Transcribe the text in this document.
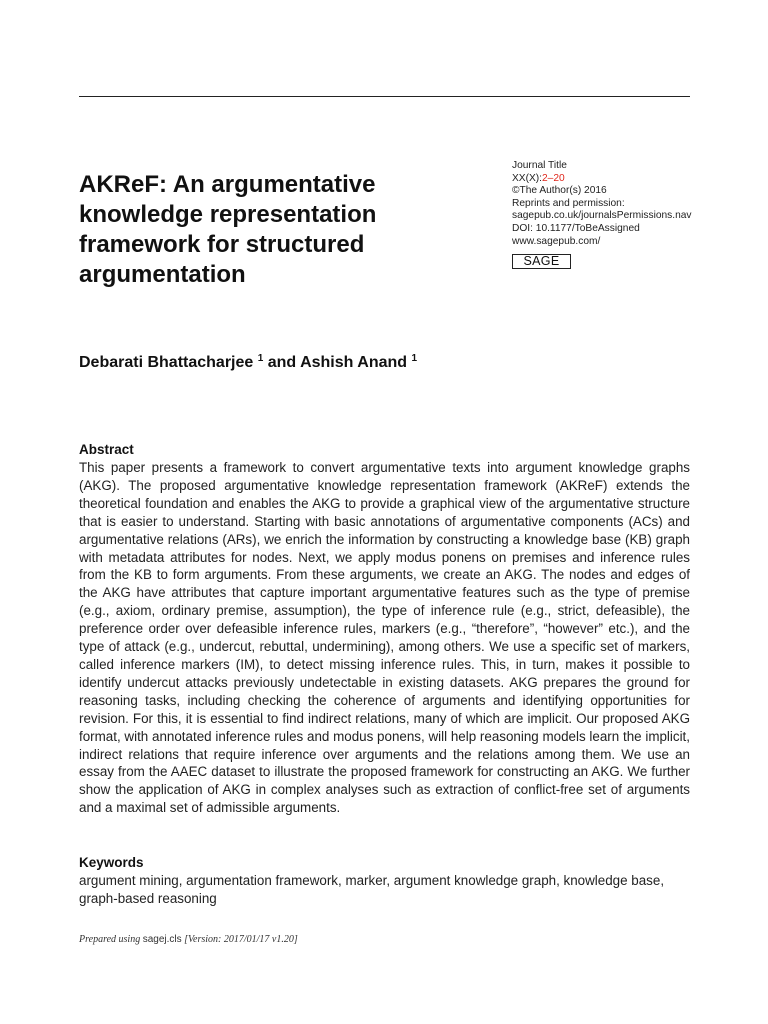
AKReF: An argumentative knowledge representation framework for structured argumentation
Journal Title
XX(X):2–20
©The Author(s) 2016
Reprints and permission:
sagepub.co.uk/journalsPermissions.nav
DOI: 10.1177/ToBeAssigned
www.sagepub.com/
SAGE

Debarati Bhattacharjee $^1$ and Ashish Anand $^1$

Abstract

This paper presents a framework to convert argumentative texts into argument knowledge graphs (AKG). The proposed argumentative knowledge representation framework (AKReF) extends the theoretical foundation and enables the AKG to provide a graphical view of the argumentative structure that is easier to understand. Starting with basic annotations of argumentative components (ACs) and argumentative relations (ARs), we enrich the information by constructing a knowledge base (KB) graph with metadata attributes for nodes. Next, we apply modus ponens on premises and inference rules from the KB to form arguments. From these arguments, we create an AKG. The nodes and edges of the AKG have attributes that capture important argumentative features such as the type of premise (e.g., axiom, ordinary premise, assumption), the type of inference rule (e.g., strict, defeasible), the preference order over defeasible inference rules, markers (e.g., “therefore”, “however” etc.), and the type of attack (e.g., undercut, rebuttal, undermining), among others. We use a specific set of markers, called inference markers (IM), to detect missing inference rules. This, in turn, makes it possible to identify undercut attacks previously undetectable in existing datasets. AKG prepares the ground for reasoning tasks, including checking the coherence of arguments and identifying opportunities for revision. For this, it is essential to find indirect relations, many of which are implicit. Our proposed AKG format, with annotated inference rules and modus ponens, will help reasoning models learn the implicit, indirect relations that require inference over arguments and the relations among them. We use an essay from the AAEC dataset to illustrate the proposed framework for constructing an AKG. We further show the application of AKG in complex analyses such as extraction of conflict-free set of arguments and a maximal set of admissible arguments.

Keywords

argument mining, argumentation framework, marker, argument knowledge graph, knowledge base, graph-based reasoning

Prepared using sagej.cls [Version: 2017/01/17 v1.20]
